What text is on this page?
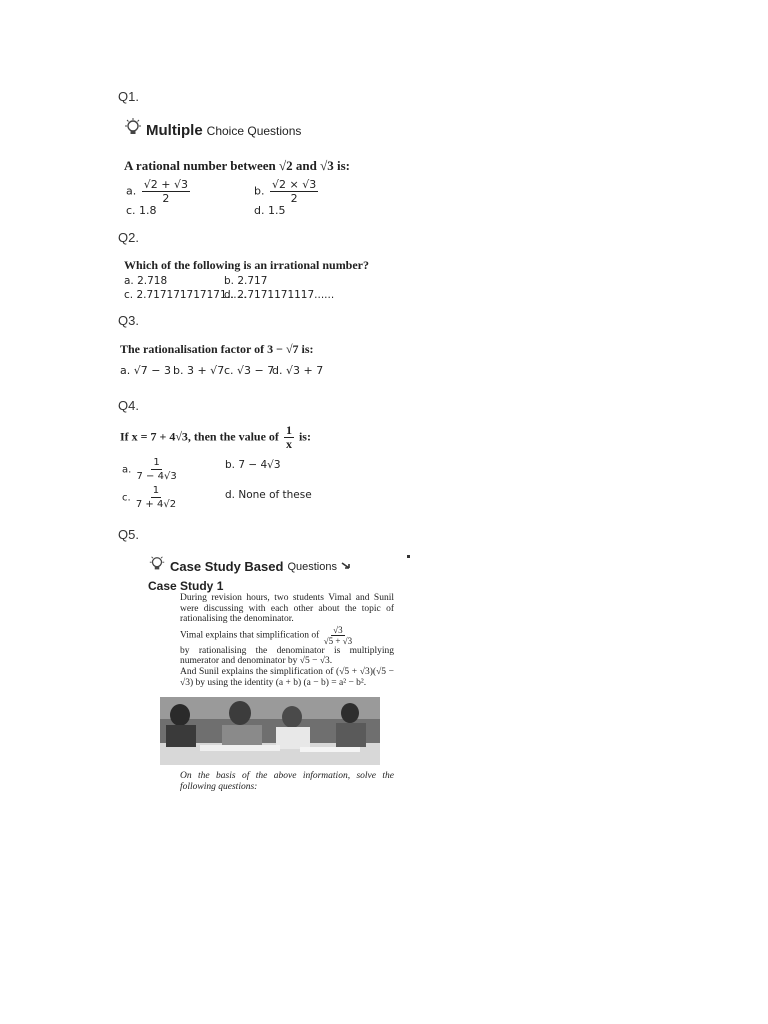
Q1.
Q2.
Q3.
Q4.
Q5.
Multiple Choice Questions
A rational number between √2 and √3 is:
a. $\frac{√2 + √3}{2}$	b. $\frac{√2 \times √3}{2}$
c. 1.8	d. 1.5
Which of the following is an irrational number?
a. 2.718	b. 2.717
c. 2.717171717171......
d. 2.7171171117......
The rationalisation factor of 3 − √7 is:
a. √7 − 3 b. 3 + √7 c. √3 − 7
d. √3 + 7
If x = 7 + 4√3, then the value of $\frac{1}{x}$ is:
a. $\frac{1}{7 - 4√3}$	b. 7 − 4√3
c. $\frac{1}{7 + 4√2}$	d. None of these
Case Study Based Questions
Case Study 1

During revision hours, two students Vimal and Sunil were discussing with each other about the topic of rationalising the denominator.

Vimal explains that simplification of $\frac{√3}{√5 + √3}$

by rationalising the denominator is multiplying numerator and denominator by √5 − √3.

And Sunil explains the simplification of (√5 + √3)(√5 − √3) by using the identity (a + b) (a − b) = a² − b².

On the basis of the above information, solve the following questions:
